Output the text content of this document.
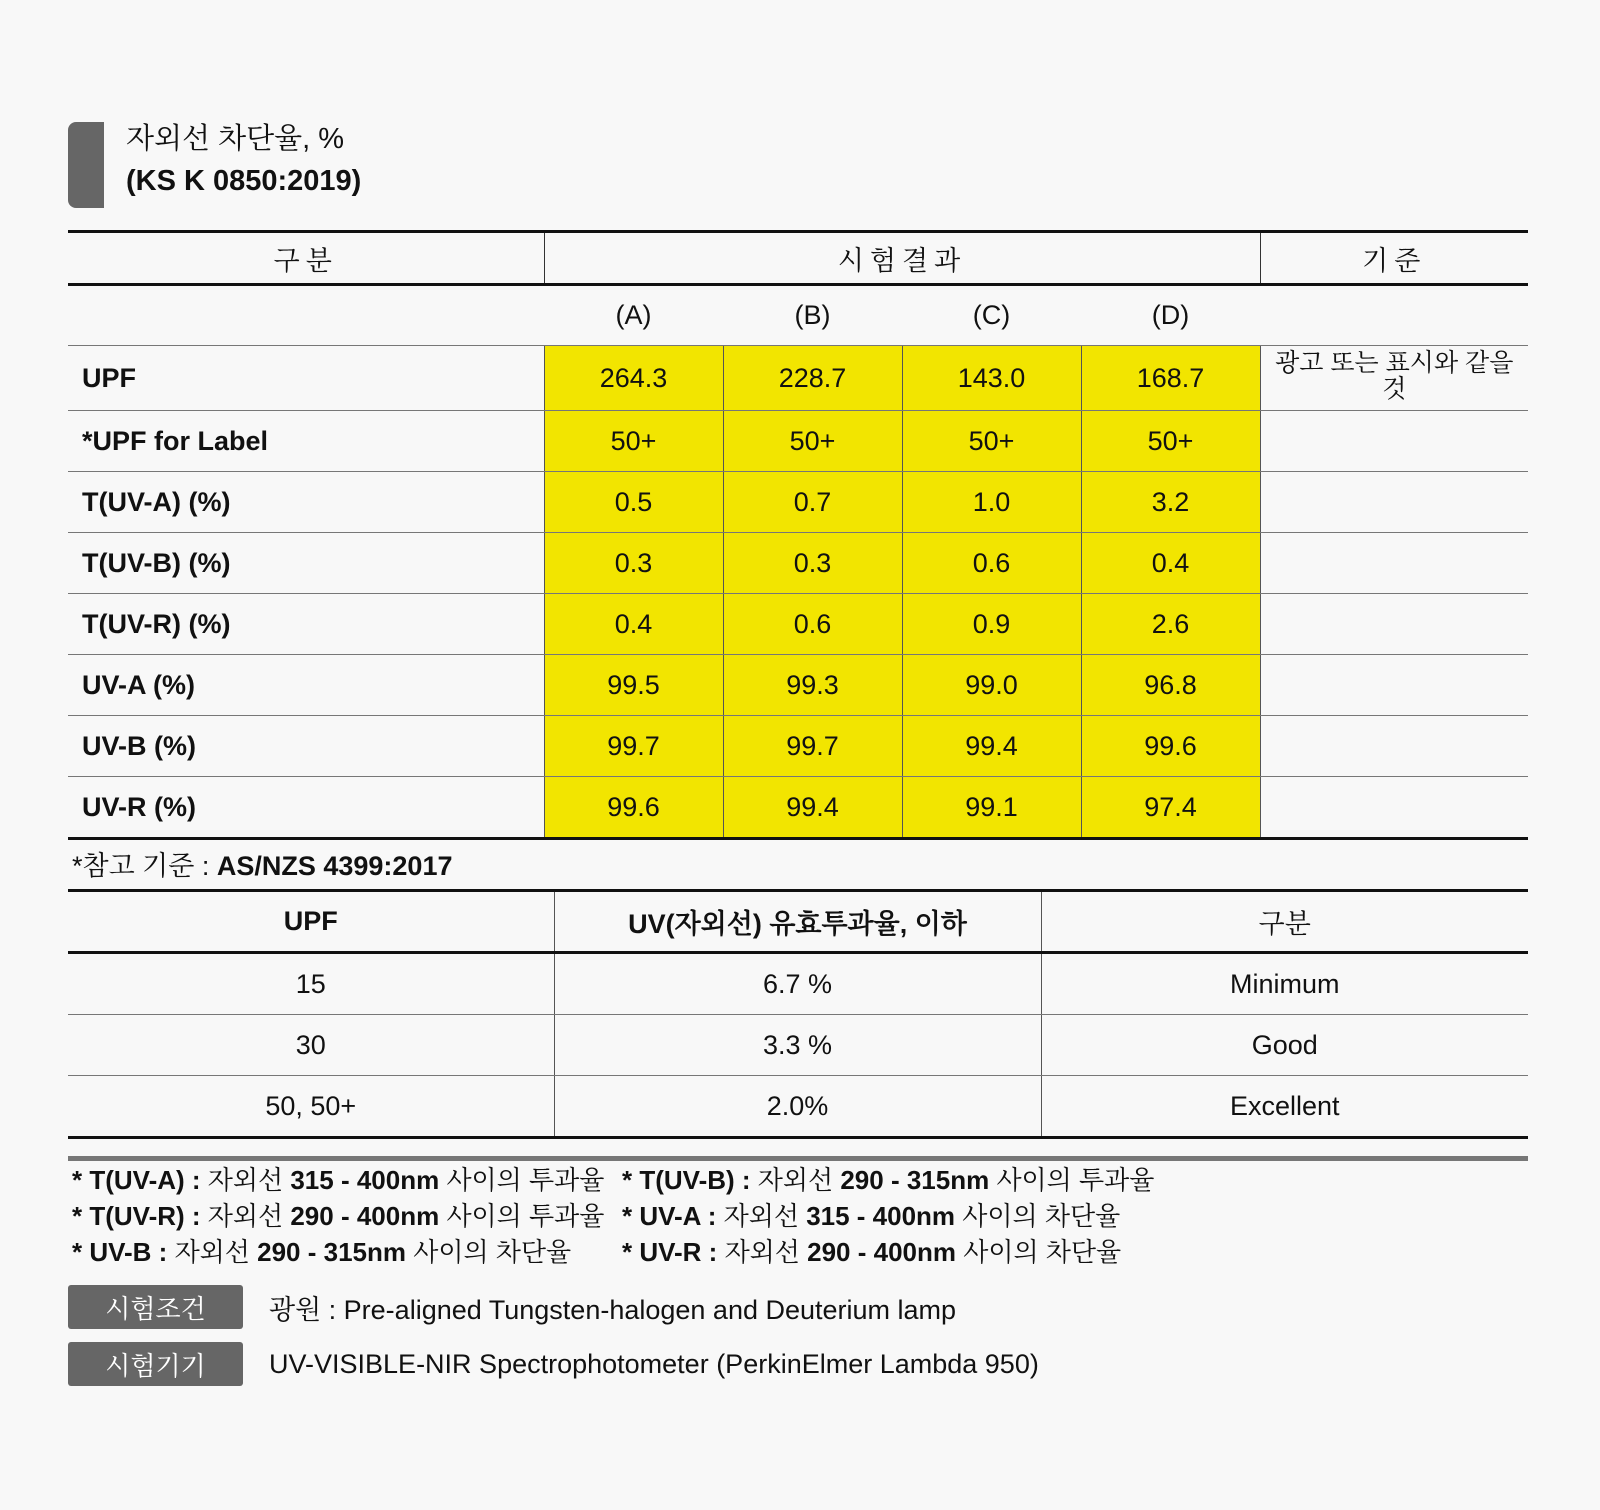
자외선 차단율, %
(KS K 0850:2019)
구분	시험결과				기준
	(A)	(B)	(C)	(D)	
UPF	264.3	228.7	143.0	168.7	광고 또는 표시와 같을 것
*UPF for Label	50+	50+	50+	50+	
T(UV-A) (%)	0.5	0.7	1.0	3.2	
T(UV-B) (%)	0.3	0.3	0.6	0.4	
T(UV-R) (%)	0.4	0.6	0.9	2.6	
UV-A (%)	99.5	99.3	99.0	96.8	
UV-B (%)	99.7	99.7	99.4	99.6	
UV-R (%)	99.6	99.4	99.1	97.4	
*참고 기준 : AS/NZS 4399:2017
UPF	UV(자외선) 유효투과율, 이하	구분
15	6.7 %	Minimum
30	3.3 %	Good
50, 50+	2.0%	Excellent
* T(UV-A) : 자외선 315 - 400nm 사이의 투과율 * T(UV-B) : 자외선 290 - 315nm 사이의 투과율
* T(UV-R) : 자외선 290 - 400nm 사이의 투과율 * UV-A : 자외선 315 - 400nm 사이의 차단율
* UV-B : 자외선 290 - 315nm 사이의 차단율	* UV-R : 자외선 290 - 400nm 사이의 차단율
시험조건	광원 : Pre-aligned Tungsten-halogen and Deuterium lamp
시험기기	UV-VISIBLE-NIR Spectrophotometer (PerkinElmer Lambda 950)
